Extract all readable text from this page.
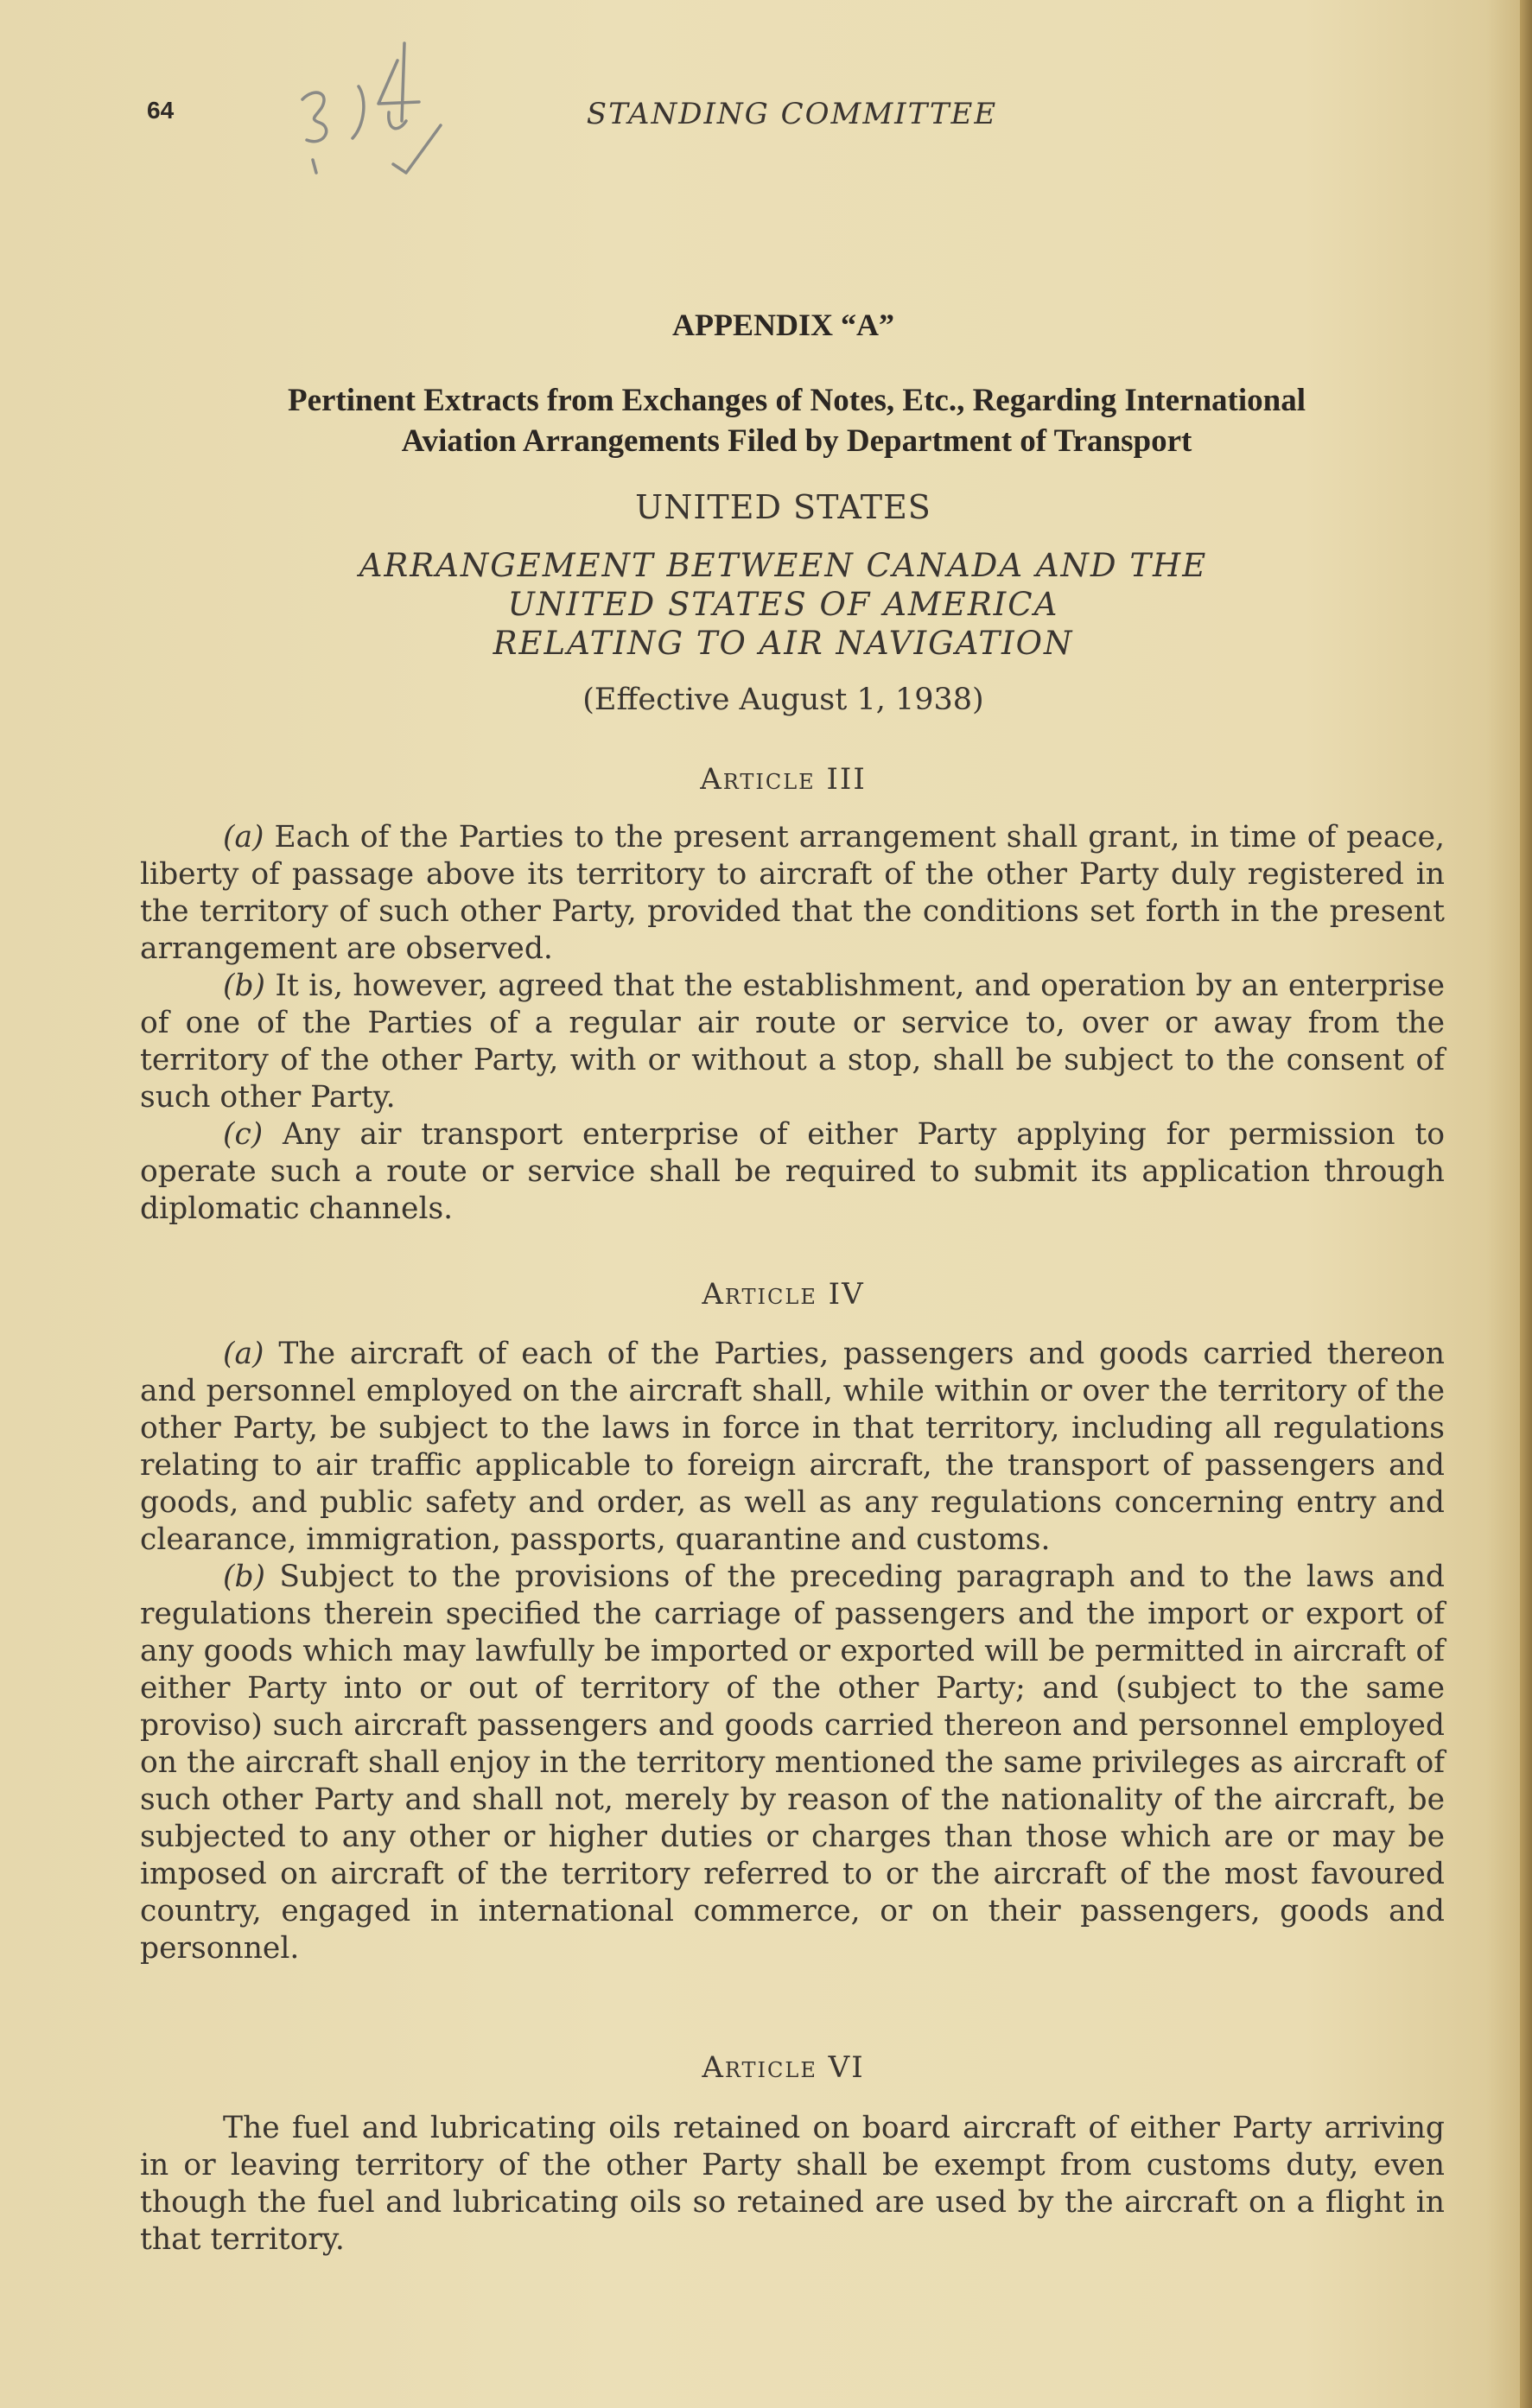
64	STANDING COMMITTEE
APPENDIX “A”
Pertinent Extracts from Exchanges of Notes, Etc., Regarding International
Aviation Arrangements Filed by Department of Transport
UNITED STATES
ARRANGEMENT BETWEEN CANADA AND THE
UNITED STATES OF AMERICA
RELATING TO AIR NAVIGATION
(Effective August 1, 1938)
Article III

(a) Each of the Parties to the present arrangement shall grant, in time of peace, liberty of passage above its territory to aircraft of the other Party duly registered in the territory of such other Party, provided that the conditions set forth in the present arrangement are observed.

(b) It is, however, agreed that the establishment, and operation by an enterprise of one of the Parties of a regular air route or service to, over or away from the territory of the other Party, with or without a stop, shall be subject to the consent of such other Party.

(c) Any air transport enterprise of either Party applying for permission to operate such a route or service shall be required to submit its application through diplomatic channels.

Article IV

(a) The aircraft of each of the Parties, passengers and goods carried thereon and personnel employed on the aircraft shall, while within or over the territory of the other Party, be subject to the laws in force in that territory, including all regulations relating to air traffic applicable to foreign aircraft, the transport of passengers and goods, and public safety and order, as well as any regulations concerning entry and clearance, immigration, passports, quarantine and customs.

(b) Subject to the provisions of the preceding paragraph and to the laws and regulations therein specified the carriage of passengers and the import or export of any goods which may lawfully be imported or exported will be permitted in aircraft of either Party into or out of territory of the other Party; and (subject to the same proviso) such aircraft passengers and goods carried thereon and personnel employed on the aircraft shall enjoy in the territory mentioned the same privileges as aircraft of such other Party and shall not, merely by reason of the nationality of the aircraft, be subjected to any other or higher duties or charges than those which are or may be imposed on aircraft of the territory referred to or the aircraft of the most favoured country, engaged in international commerce, or on their passengers, goods and personnel.

Article VI

The fuel and lubricating oils retained on board aircraft of either Party arriving in or leaving territory of the other Party shall be exempt from customs duty, even though the fuel and lubricating oils so retained are used by the aircraft on a flight in that territory.
